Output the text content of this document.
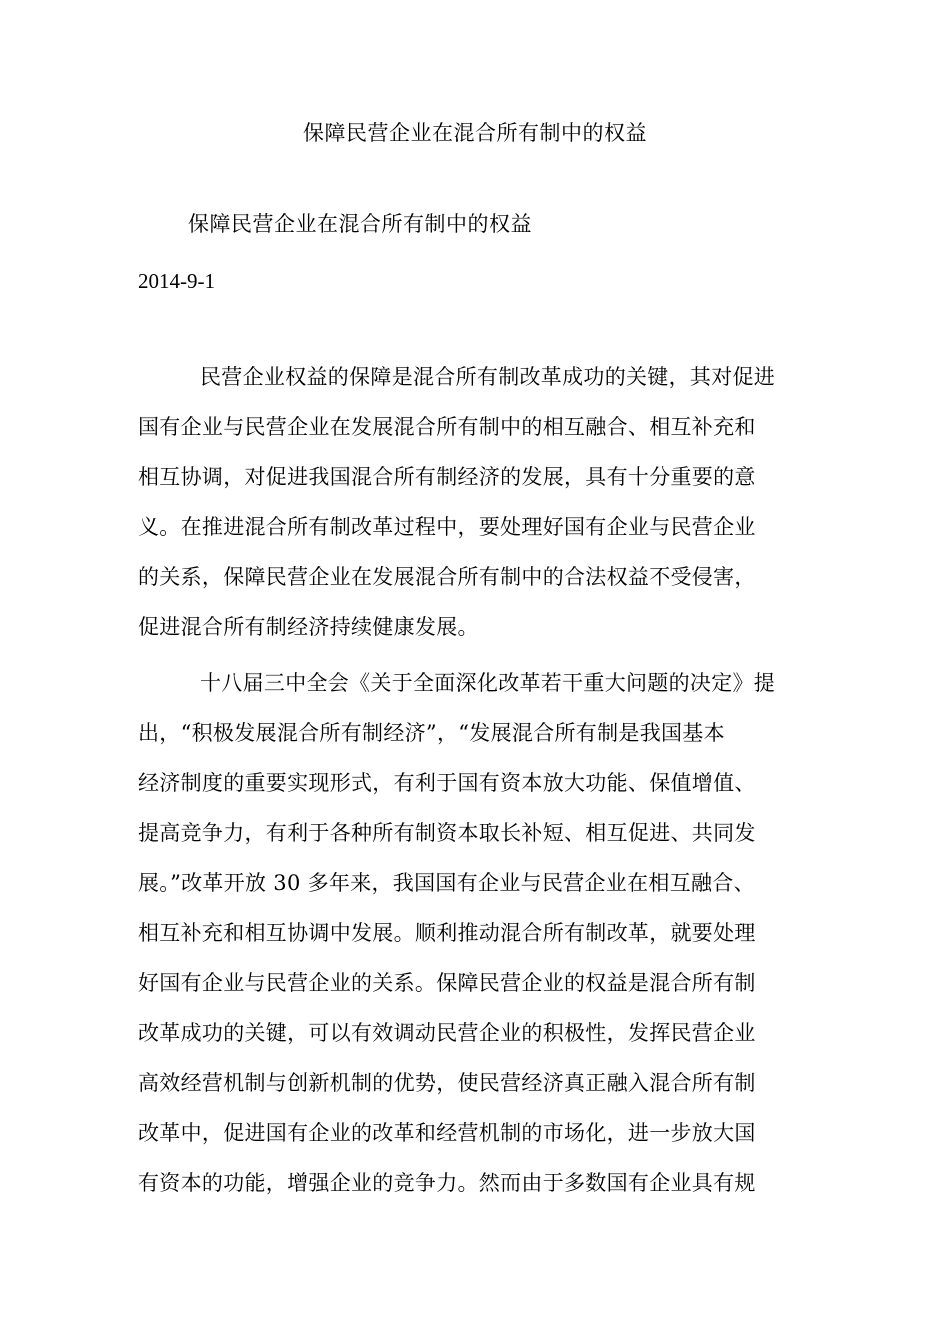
保障民营企业在混合所有制中的权益
保障民营企业在混合所有制中的权益
2014-9-1
民营企业权益的保障是混合所有制改革成功的关键，其对促进
国有企业与民营企业在发展混合所有制中的相互融合、相互补充和
相互协调，对促进我国混合所有制经济的发展，具有十分重要的意
义。在推进混合所有制改革过程中，要处理好国有企业与民营企业
的关系，保障民营企业在发展混合所有制中的合法权益不受侵害，
促进混合所有制经济持续健康发展。
十八届三中全会《关于全面深化改革若干重大问题的决定》提
出，“积极发展混合所有制经济”，“发展混合所有制是我国基本
经济制度的重要实现形式，有利于国有资本放大功能、保值增值、
提高竞争力，有利于各种所有制资本取长补短、相互促进、共同发
展。”改革开放 30 多年来，我国国有企业与民营企业在相互融合、
相互补充和相互协调中发展。顺利推动混合所有制改革，就要处理
好国有企业与民营企业的关系。保障民营企业的权益是混合所有制
改革成功的关键，可以有效调动民营企业的积极性，发挥民营企业
高效经营机制与创新机制的优势，使民营经济真正融入混合所有制
改革中，促进国有企业的改革和经营机制的市场化，进一步放大国
有资本的功能，增强企业的竞争力。然而由于多数国有企业具有规
